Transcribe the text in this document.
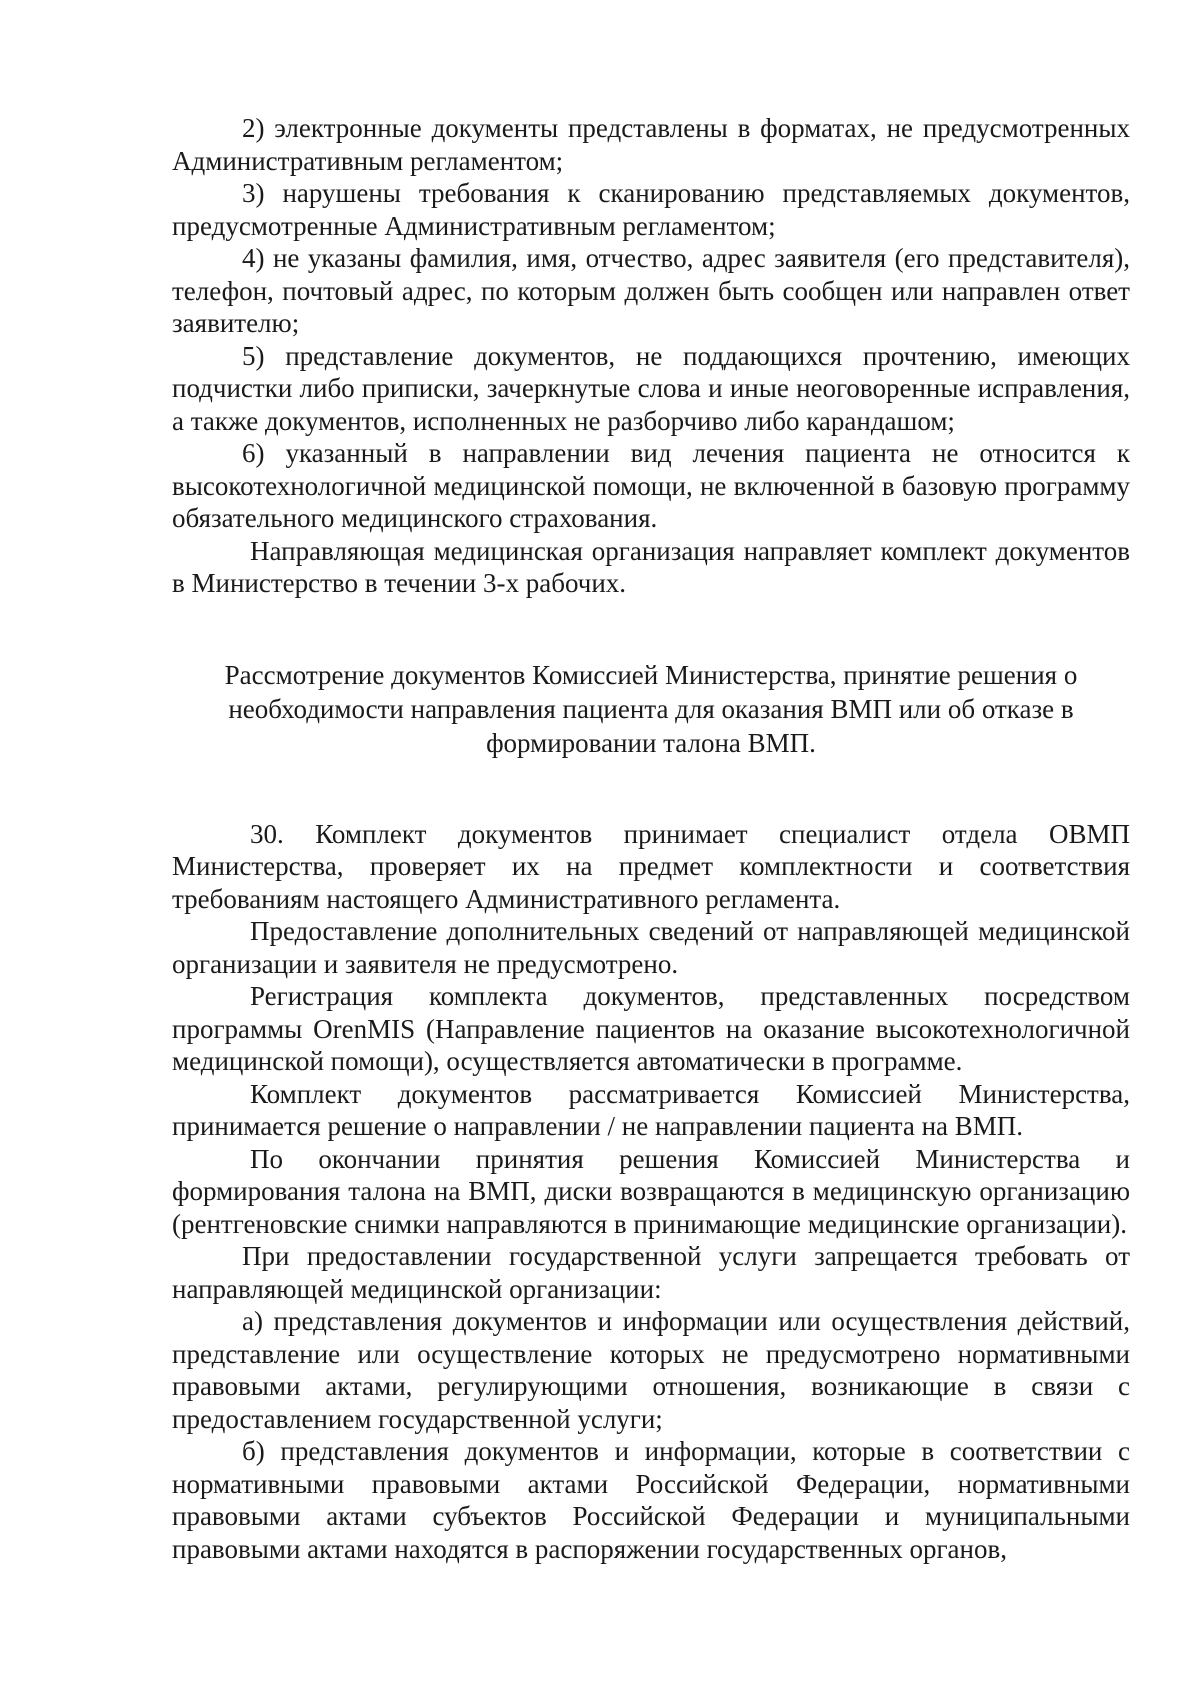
2) электронные документы представлены в форматах, не предусмотренных Административным регламентом;

3) нарушены требования к сканированию представляемых документов, предусмотренные Административным регламентом;

4) не указаны фамилия, имя, отчество, адрес заявителя (его представителя), телефон, почтовый адрес, по которым должен быть сообщен или направлен ответ заявителю;

5) представление документов, не поддающихся прочтению, имеющих подчистки либо приписки, зачеркнутые слова и иные неоговоренные исправления, а также документов, исполненных не разборчиво либо карандашом;

6) указанный в направлении вид лечения пациента не относится к высокотехнологичной медицинской помощи, не включенной в базовую программу обязательного медицинского страхования.

Направляющая медицинская организация направляет комплект документов в Министерство в течении 3-х рабочих.

Рассмотрение документов Комиссией Министерства, принятие решения о необходимости направления пациента для оказания ВМП или об отказе в формировании талона ВМП.

30. Комплект документов принимает специалист отдела ОВМП Министерства, проверяет их на предмет комплектности и соответствия требованиям настоящего Административного регламента.

Предоставление дополнительных сведений от направляющей медицинской организации и заявителя не предусмотрено.

Регистрация комплекта документов, представленных посредством программы OrenMIS (Направление пациентов на оказание высокотехнологичной медицинской помощи), осуществляется автоматически в программе.

Комплект документов рассматривается Комиссией Министерства, принимается решение о направлении / не направлении пациента на ВМП.

По окончании принятия решения Комиссией Министерства и формирования талона на ВМП, диски возвращаются в медицинскую организацию (рентгеновские снимки направляются в принимающие медицинские организации).

При предоставлении государственной услуги запрещается требовать от направляющей медицинской организации:

а) представления документов и информации или осуществления действий, представление или осуществление которых не предусмотрено нормативными правовыми актами, регулирующими отношения, возникающие в связи с предоставлением государственной услуги;

б) представления документов и информации, которые в соответствии с нормативными правовыми актами Российской Федерации, нормативными правовыми актами субъектов Российской Федерации и муниципальными правовыми актами находятся в распоряжении государственных органов,
